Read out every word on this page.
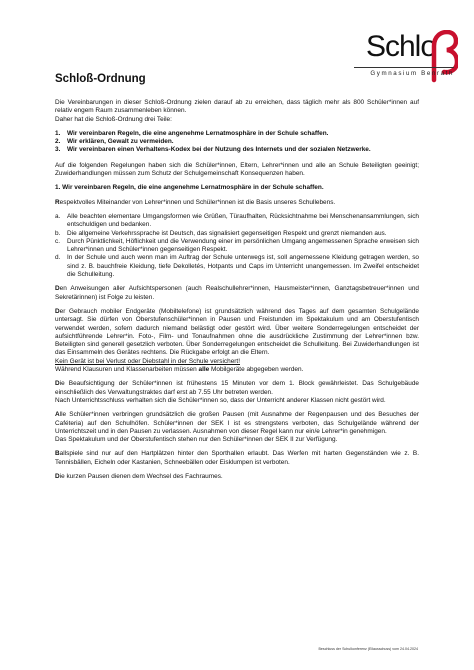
Schlo
Gymnasium Benrath
Schloß-Ordnung

Die Vereinbarungen in dieser Schloß-Ordnung zielen darauf ab zu erreichen, dass täglich mehr als 800 Schüler*innen auf relativ engem Raum zusammenleben können.
Daher hat die Schloß-Ordnung drei Teile:

1.	Wir vereinbaren Regeln, die eine angenehme Lernatmosphäre in der Schule schaffen.
2.	Wir erklären, Gewalt zu vermeiden.
3.	Wir vereinbaren einen Verhaltens-Kodex bei der Nutzung des Internets und der sozialen Netzwerke.

Auf die folgenden Regelungen haben sich die Schüler*innen, Eltern, Lehrer*innen und alle an Schule Beteiligten geeinigt; Zuwiderhandlungen müssen zum Schutz der Schulgemeinschaft Konsequenzen haben.

1. Wir vereinbaren Regeln, die eine angenehme Lernatmosphäre in der Schule schaffen.

Respektvolles Miteinander von Lehrer*innen und Schüler*innen ist die Basis unseres Schullebens.

a.	Alle beachten elementare Umgangsformen wie Grüßen, Türaufhalten, Rücksichtnahme bei Menschenansammlungen, sich entschuldigen und bedanken.
b.	Die allgemeine Verkehrssprache ist Deutsch, das signalisiert gegenseitigen Respekt und grenzt niemanden aus.
c.	Durch Pünktlichkeit, Höflichkeit und die Verwendung einer im persönlichen Umgang angemessenen Sprache erweisen sich Lehrer*innen und Schüler*innen gegenseitigen Respekt.
d.	In der Schule und auch wenn man im Auftrag der Schule unterwegs ist, soll angemessene Kleidung getragen werden, so sind z. B. bauchfreie Kleidung, tiefe Dekolletés, Hotpants und Caps im Unterricht unangemessen. Im Zweifel entscheidet die Schulleitung.

Den Anweisungen aller Aufsichtspersonen (auch Realschullehrer*innen, Hausmeister*innen, Ganztagsbetreuer*innen und Sekretärinnen) ist Folge zu leisten.

Der Gebrauch mobiler Endgeräte (Mobiltelefone) ist grundsätzlich während des Tages auf dem gesamten Schulgelände untersagt. Sie dürfen von Oberstufenschüler*innen in Pausen und Freistunden im Spektakulum und am Oberstufentisch verwendet werden, sofern dadurch niemand belästigt oder gestört wird. Über weitere Sonderregelungen entscheidet der aufsichtführende Lehrer*in. Foto-, Film- und Tonaufnahmen ohne die ausdrückliche Zustimmung der Lehrer*innen bzw. Beteiligten sind generell gesetzlich verboten. Über Sonderregelungen entscheidet die Schulleitung. Bei Zuwiderhandlungen ist das Einsammeln des Gerätes rechtens. Die Rückgabe erfolgt an die Eltern.
Kein Gerät ist bei Verlust oder Diebstahl in der Schule versichert!
Während Klausuren und Klassenarbeiten müssen alle Mobilgeräte abgegeben werden.

Die Beaufsichtigung der Schüler*innen ist frühestens 15 Minuten vor dem 1. Block gewährleistet. Das Schulgebäude einschließlich des Verwaltungstraktes darf erst ab 7.55 Uhr betreten werden.
Nach Unterrichtsschluss verhalten sich die Schüler*innen so, dass der Unterricht anderer Klassen nicht gestört wird.

Alle Schüler*innen verbringen grundsätzlich die großen Pausen (mit Ausnahme der Regenpausen und des Besuches der Caféteria) auf den Schulhöfen. Schüler*innen der SEK I ist es strengstens verboten, das Schulgelände während der Unterrichtszeit und in den Pausen zu verlassen. Ausnahmen von dieser Regel kann nur ein/e Lehrer*in genehmigen.
Das Spektakulum und der Oberstufentisch stehen nur den Schüler*innen der SEK II zur Verfügung.

Ballspiele sind nur auf den Hartplätzen hinter den Sporthallen erlaubt. Das Werfen mit harten Gegenständen wie z. B. Tennisbällen, Eicheln oder Kastanien, Schneebällen oder Eisklumpen ist verboten.

Die kurzen Pausen dienen dem Wechsel des Fachraumes.

Beschluss der Schulkonferenz (Eilausschuss) vom 24.04.2024
